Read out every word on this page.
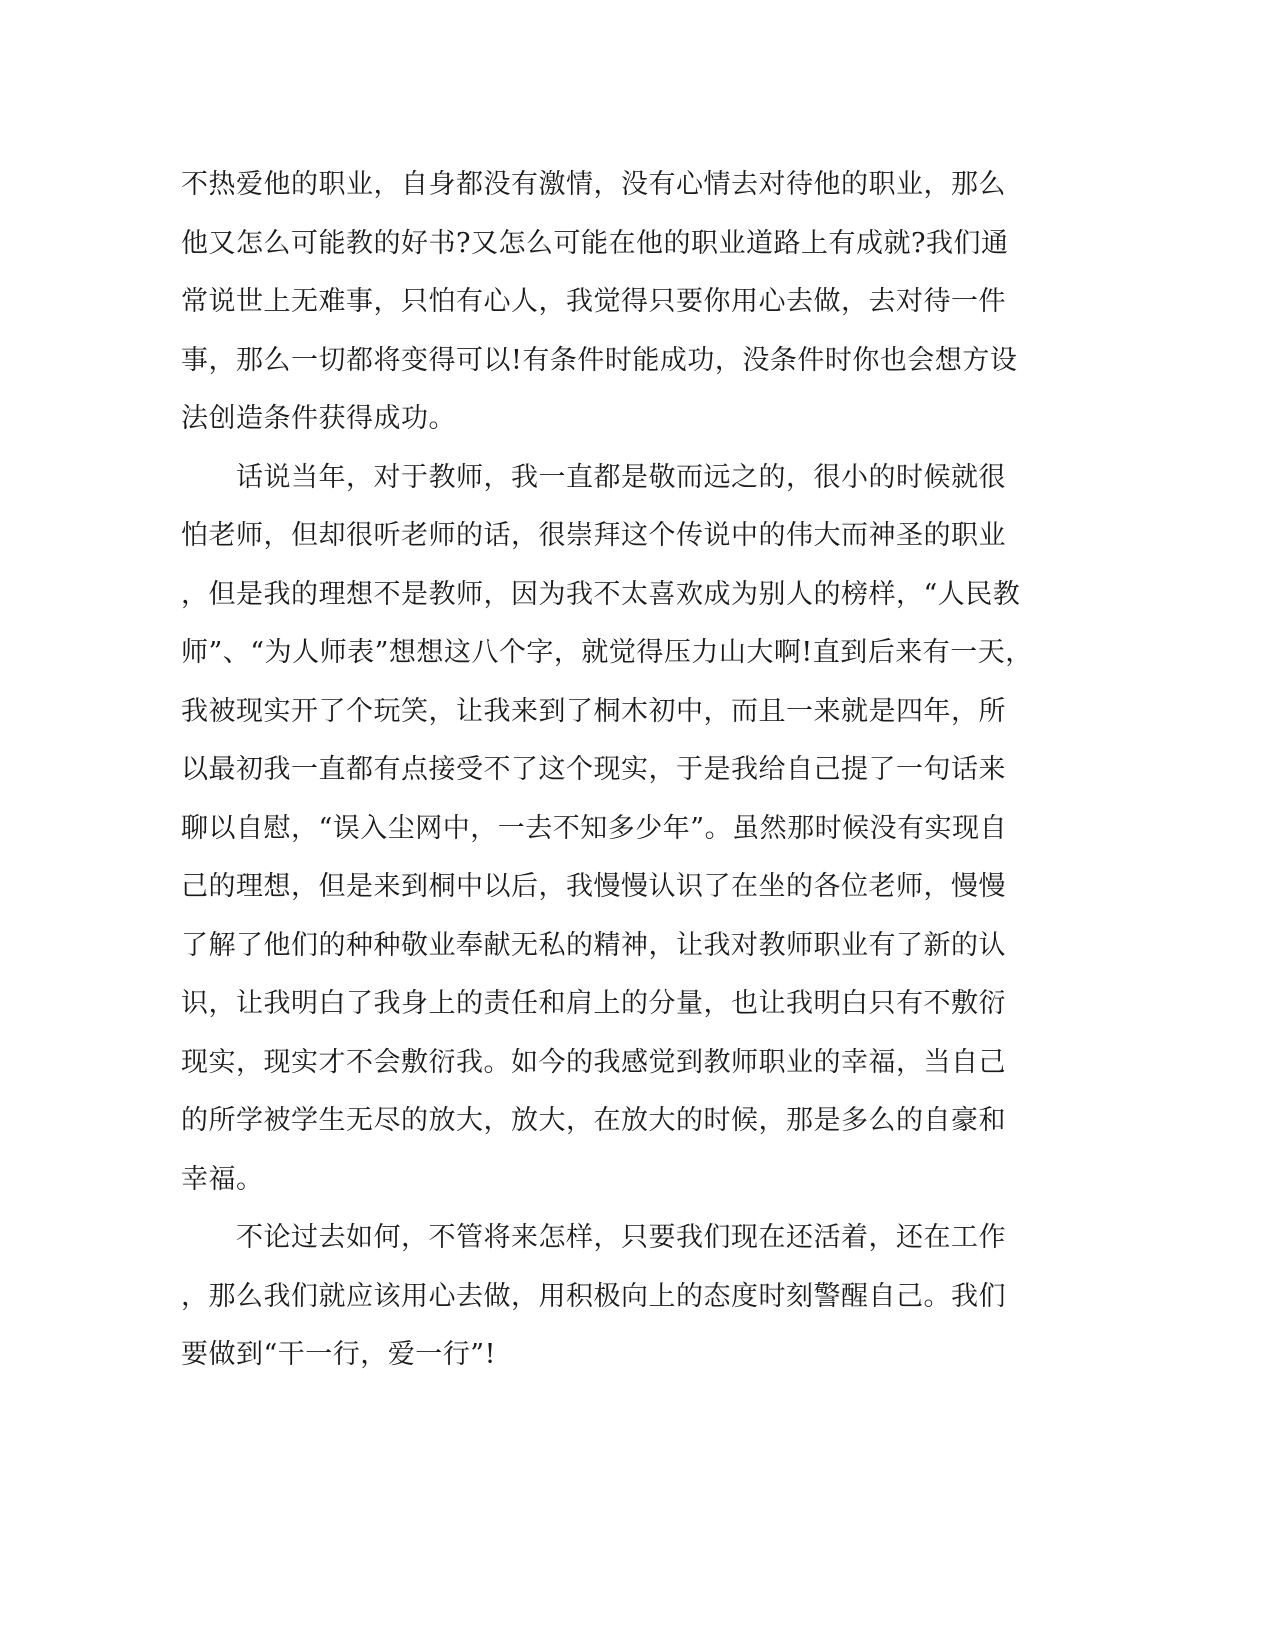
不热爱他的职业，自身都没有激情，没有心情去对待他的职业，那么
他又怎么可能教的好书?又怎么可能在他的职业道路上有成就?我们通
常说世上无难事，只怕有心人，我觉得只要你用心去做，去对待一件
事，那么一切都将变得可以!有条件时能成功，没条件时你也会想方设
法创造条件获得成功。
　　话说当年，对于教师，我一直都是敬而远之的，很小的时候就很
怕老师，但却很听老师的话，很崇拜这个传说中的伟大而神圣的职业
，但是我的理想不是教师，因为我不太喜欢成为别人的榜样，“人民教
师”、“为人师表”想想这八个字，就觉得压力山大啊!直到后来有一天，
我被现实开了个玩笑，让我来到了桐木初中，而且一来就是四年，所
以最初我一直都有点接受不了这个现实，于是我给自己提了一句话来
聊以自慰，“误入尘网中，一去不知多少年”。虽然那时候没有实现自
己的理想，但是来到桐中以后，我慢慢认识了在坐的各位老师，慢慢
了解了他们的种种敬业奉献无私的精神，让我对教师职业有了新的认
识，让我明白了我身上的责任和肩上的分量，也让我明白只有不敷衍
现实，现实才不会敷衍我。如今的我感觉到教师职业的幸福，当自己
的所学被学生无尽的放大，放大，在放大的时候，那是多么的自豪和
幸福。
　　不论过去如何，不管将来怎样，只要我们现在还活着，还在工作
，那么我们就应该用心去做，用积极向上的态度时刻警醒自己。我们
要做到“干一行，爱一行”!
